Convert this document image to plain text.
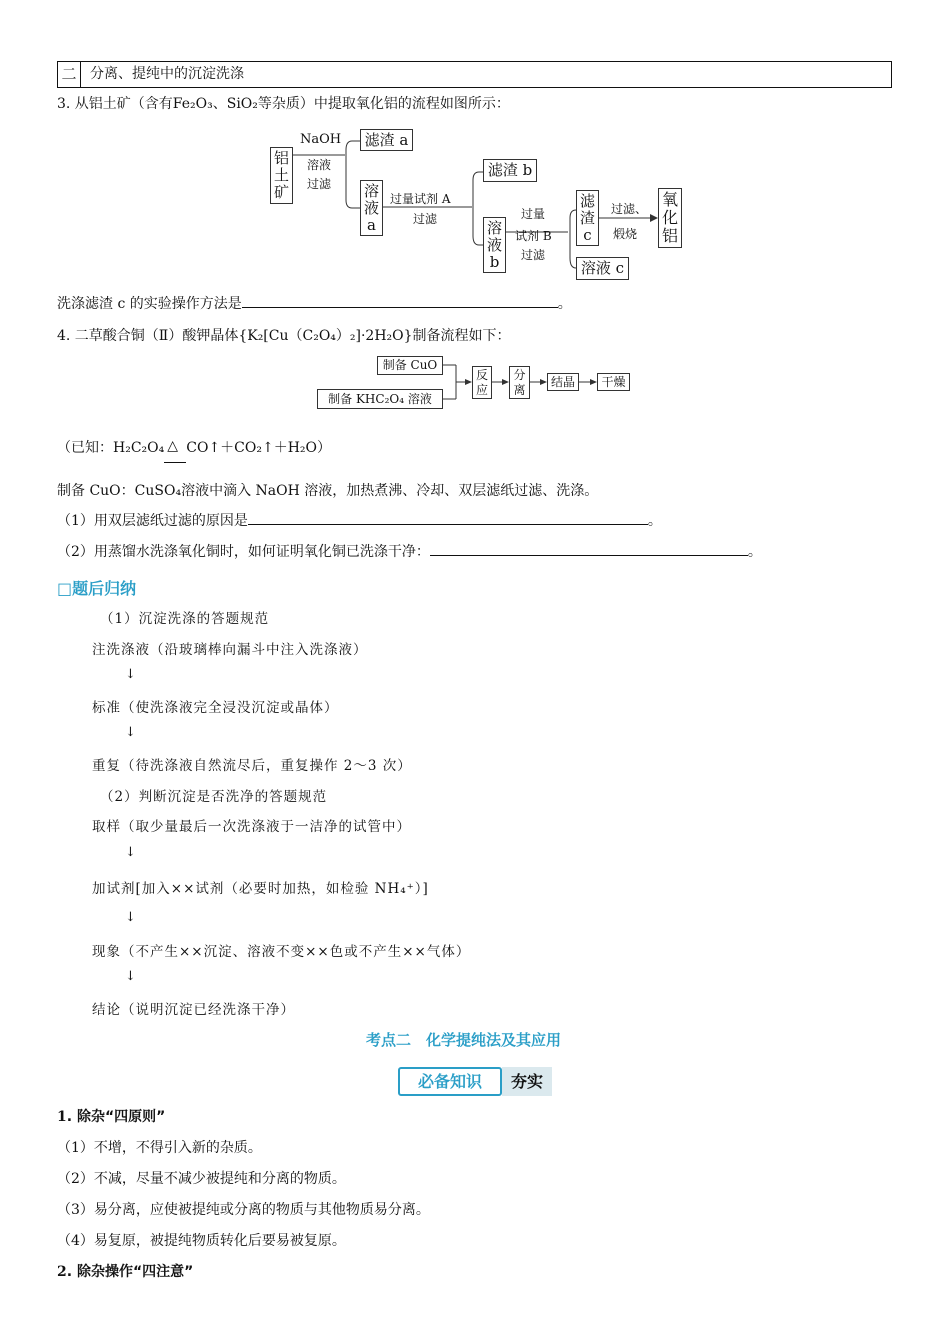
二 分离、提纯中的沉淀洗涤
3. 从铝土矿（含有Fe₂O₃、SiO₂等杂质）中提取氧化铝的流程如图所示：
铝
土
矿
NaOH
溶液
过滤
滤渣 a
溶
液
a
过量试剂 A
过滤
滤渣 b
溶
液
b
过量
试剂 B
过滤
滤
渣
c
溶液 c
过滤、
煅烧
氧
化
铝
洗涤滤渣 c 的实验操作方法是	。
4. 二草酸合铜（Ⅱ）酸钾晶体{K₂[Cu（C₂O₄）₂]·2H₂O}制备流程如下：
制备 CuO
制备 KHC₂O₄ 溶液
反
应
分
离
结晶	干燥
（已知：H₂C₂O₄ △ CO↑＋CO₂↑＋H₂O）
制备 CuO：CuSO₄溶液中滴入 NaOH 溶液，加热煮沸、冷却、双层滤纸过滤、洗涤。
（1）用双层滤纸过滤的原因是	。
（2）用蒸馏水洗涤氧化铜时，如何证明氧化铜已洗涤干净：	。
□题后归纳
（1）沉淀洗涤的答题规范
注洗涤液（沿玻璃棒向漏斗中注入洗涤液）
↓
标准（使洗涤液完全浸没沉淀或晶体）
↓
重复（待洗涤液自然流尽后，重复操作 2～3 次）
（2）判断沉淀是否洗净的答题规范
取样（取少量最后一次洗涤液于一洁净的试管中）
↓
加试剂[加入××试剂（必要时加热，如检验 NH₄⁺）]
↓
现象（不产生××沉淀、溶液不变××色或不产生××气体）
↓
结论（说明沉淀已经洗涤干净）
考点二　化学提纯法及其应用
必备知识	夯实
1. 除杂“四原则”
（1）不增，不得引入新的杂质。
（2）不减，尽量不减少被提纯和分离的物质。
（3）易分离，应使被提纯或分离的物质与其他物质易分离。
（4）易复原，被提纯物质转化后要易被复原。
2. 除杂操作“四注意”
